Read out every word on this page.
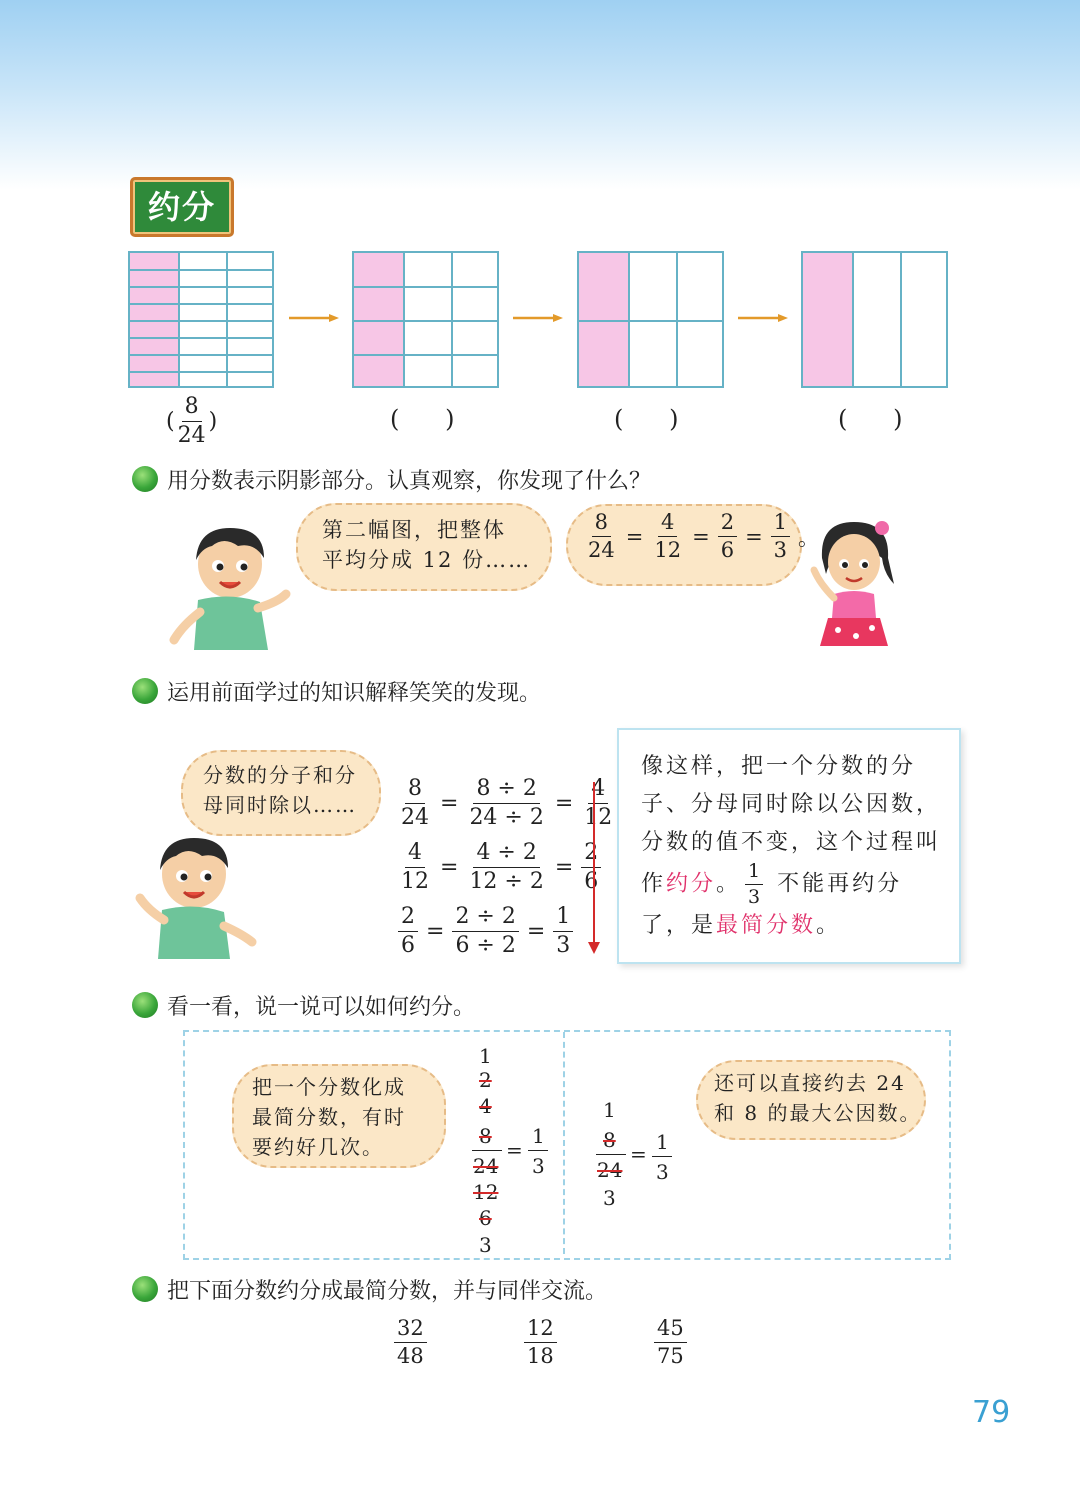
约分
( $\frac{8}{24}$ )	(      )	(      )	(      )
用分数表示阴影部分。认真观察，你发现了什么？
第二幅图，把整体
平均分成 12 份……	$\frac{8}{24} = \frac{4}{12} = \frac{2}{6} = \frac{1}{3}$ 。
运用前面学过的知识解释笑笑的发现。
分数的分子和分
母同时除以…… $\frac{8}{24} = \frac{8 \div 2}{24 \div 2} = \frac{4}{12}$
$\frac{4}{12} = \frac{4 \div 2}{12 \div 2} = \frac{2}{6}$
$\frac{2}{6} = \frac{2 \div 2}{6 \div 2} = \frac{1}{3}$

像这样，把一个分数的分子、分母同时除以公因数，分数的值不变，这个过程叫作约分。 $\frac{1}{3}$ 不能再约分了，是最简分数。

看一看，说一说可以如何约分。
把一个分数化成
最简分数，有时
要约好几次。
1
2
4
8
24
12
6
3
=
1
3
1
8
24
3
= 1
3
还可以直接约去 24
和 8 的最大公因数。
把下面分数约分成最简分数，并与同伴交流。
$\frac{32}{48}$	$\frac{12}{18}$	$\frac{45}{75}$
79
